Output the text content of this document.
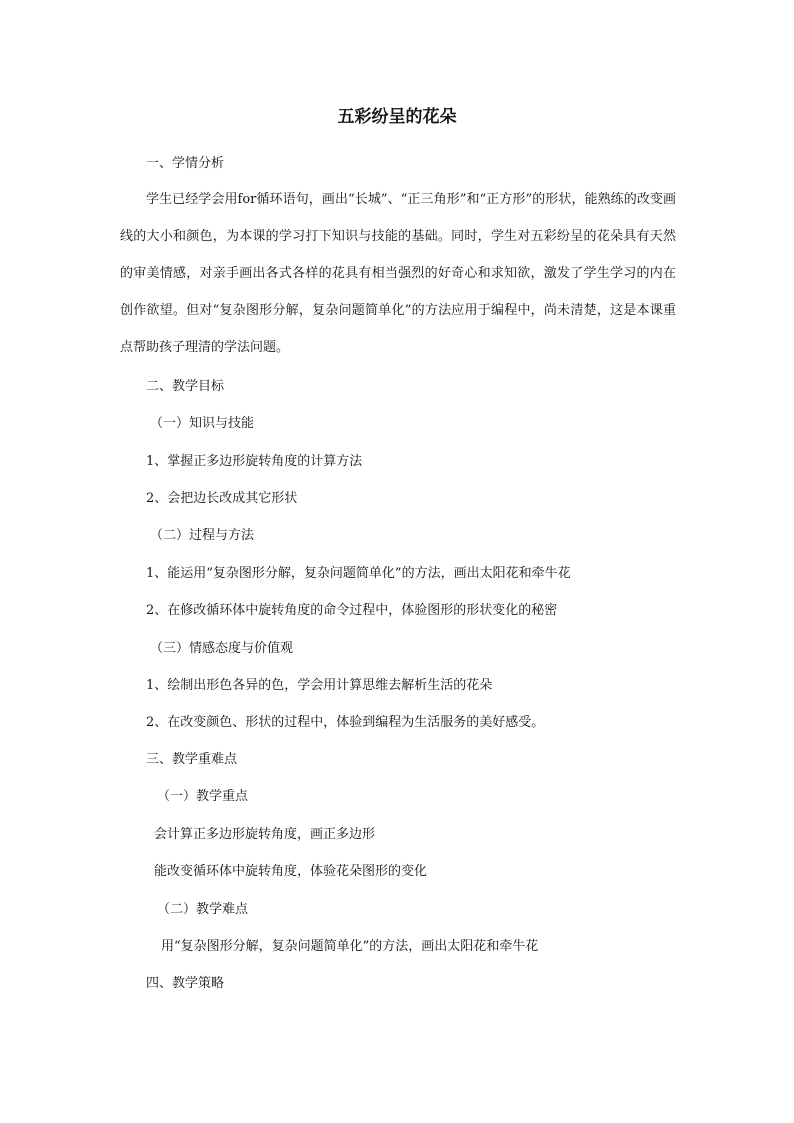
五彩纷呈的花朵
一、学情分析
学生已经学会用for循环语句，画出“长城”、“正三角形”和“正方形”的形状，能熟练的改变画线的大小和颜色，为本课的学习打下知识与技能的基础。同时，学生对五彩纷呈的花朵具有天然的审美情感，对亲手画出各式各样的花具有相当强烈的好奇心和求知欲，激发了学生学习的内在创作欲望。但对“复杂图形分解，复杂问题简单化”的方法应用于编程中，尚未清楚，这是本课重点帮助孩子理清的学法问题。
二、教学目标
（一）知识与技能
1、掌握正多边形旋转角度的计算方法
2、会把边长改成其它形状
（二）过程与方法
1、能运用“复杂图形分解，复杂问题简单化”的方法，画出太阳花和牵牛花
2、在修改循环体中旋转角度的命令过程中，体验图形的形状变化的秘密
（三）情感态度与价值观
1、绘制出形色各异的色，学会用计算思维去解析生活的花朵
2、在改变颜色、形状的过程中，体验到编程为生活服务的美好感受。
三、教学重难点
（一）教学重点
会计算正多边形旋转角度，画正多边形
能改变循环体中旋转角度，体验花朵图形的变化
（二）教学难点
用“复杂图形分解，复杂问题简单化”的方法，画出太阳花和牵牛花
四、教学策略
